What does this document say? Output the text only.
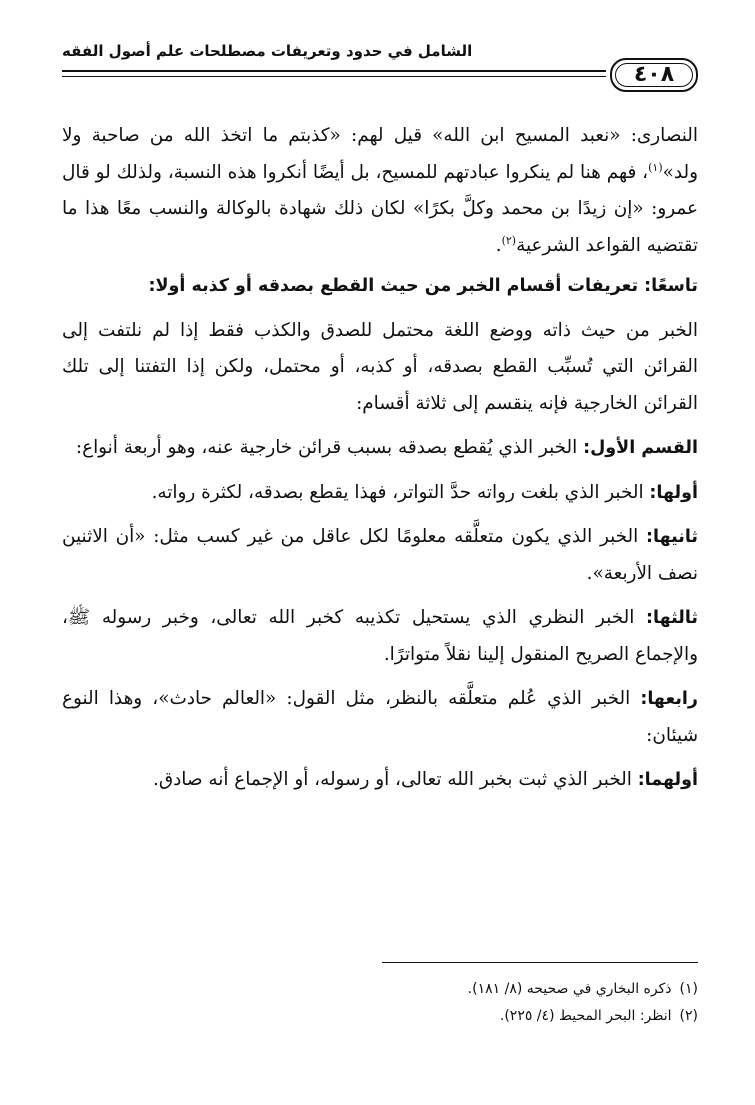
٤٠٨
الشامل في حدود وتعريفات مصطلحات علم أصول الفقه

النصارى: «نعبد المسيح ابن الله» قيل لهم: «كذبتم ما اتخذ الله من صاحبة ولا ولد»$^{(١)}$، فهم هنا لم ينكروا عبادتهم للمسيح، بل أيضًا أنكروا هذه النسبة، ولذلك لو قال عمرو: «إن زيدًا بن محمد وكلَّ بكرًا» لكان ذلك شهادة بالوكالة والنسب معًا هذا ما تقتضيه القواعد الشرعية$^{(٢)}$.

تاسعًا: تعريفات أقسام الخبر من حيث القطع بصدقه أو كذبه أولا:

الخبر من حيث ذاته ووضع اللغة محتمل للصدق والكذب فقط إذا لم نلتفت إلى القرائن التي تُسبِّب القطع بصدقه، أو كذبه، أو محتمل، ولكن إذا التفتنا إلى تلك القرائن الخارجية فإنه ينقسم إلى ثلاثة أقسام:

القسم الأول: الخبر الذي يُقطع بصدقه بسبب قرائن خارجية عنه، وهو أربعة أنواع:

أولها: الخبر الذي بلغت رواته حدَّ التواتر، فهذا يقطع بصدقه، لكثرة رواته.

ثانيها: الخبر الذي يكون متعلَّقه معلومًا لكل عاقل من غير كسب مثل: «أن الاثنين نصف الأربعة».

ثالثها: الخبر النظري الذي يستحيل تكذيبه كخبر الله تعالى، وخبر رسوله ﷺ، والإجماع الصريح المنقول إلينا نقلاً متواترًا.

رابعها: الخبر الذي عُلم متعلَّقه بالنظر، مثل القول: «العالم حادث»، وهذا النوع شيئان:

أولهما: الخبر الذي ثبت بخبر الله تعالى، أو رسوله، أو الإجماع أنه صادق.

(١)ذكره البخاري في صحيحه (٨/ ١٨١).
(٢)انظر: البحر المحيط (٤/ ٢٢٥).
